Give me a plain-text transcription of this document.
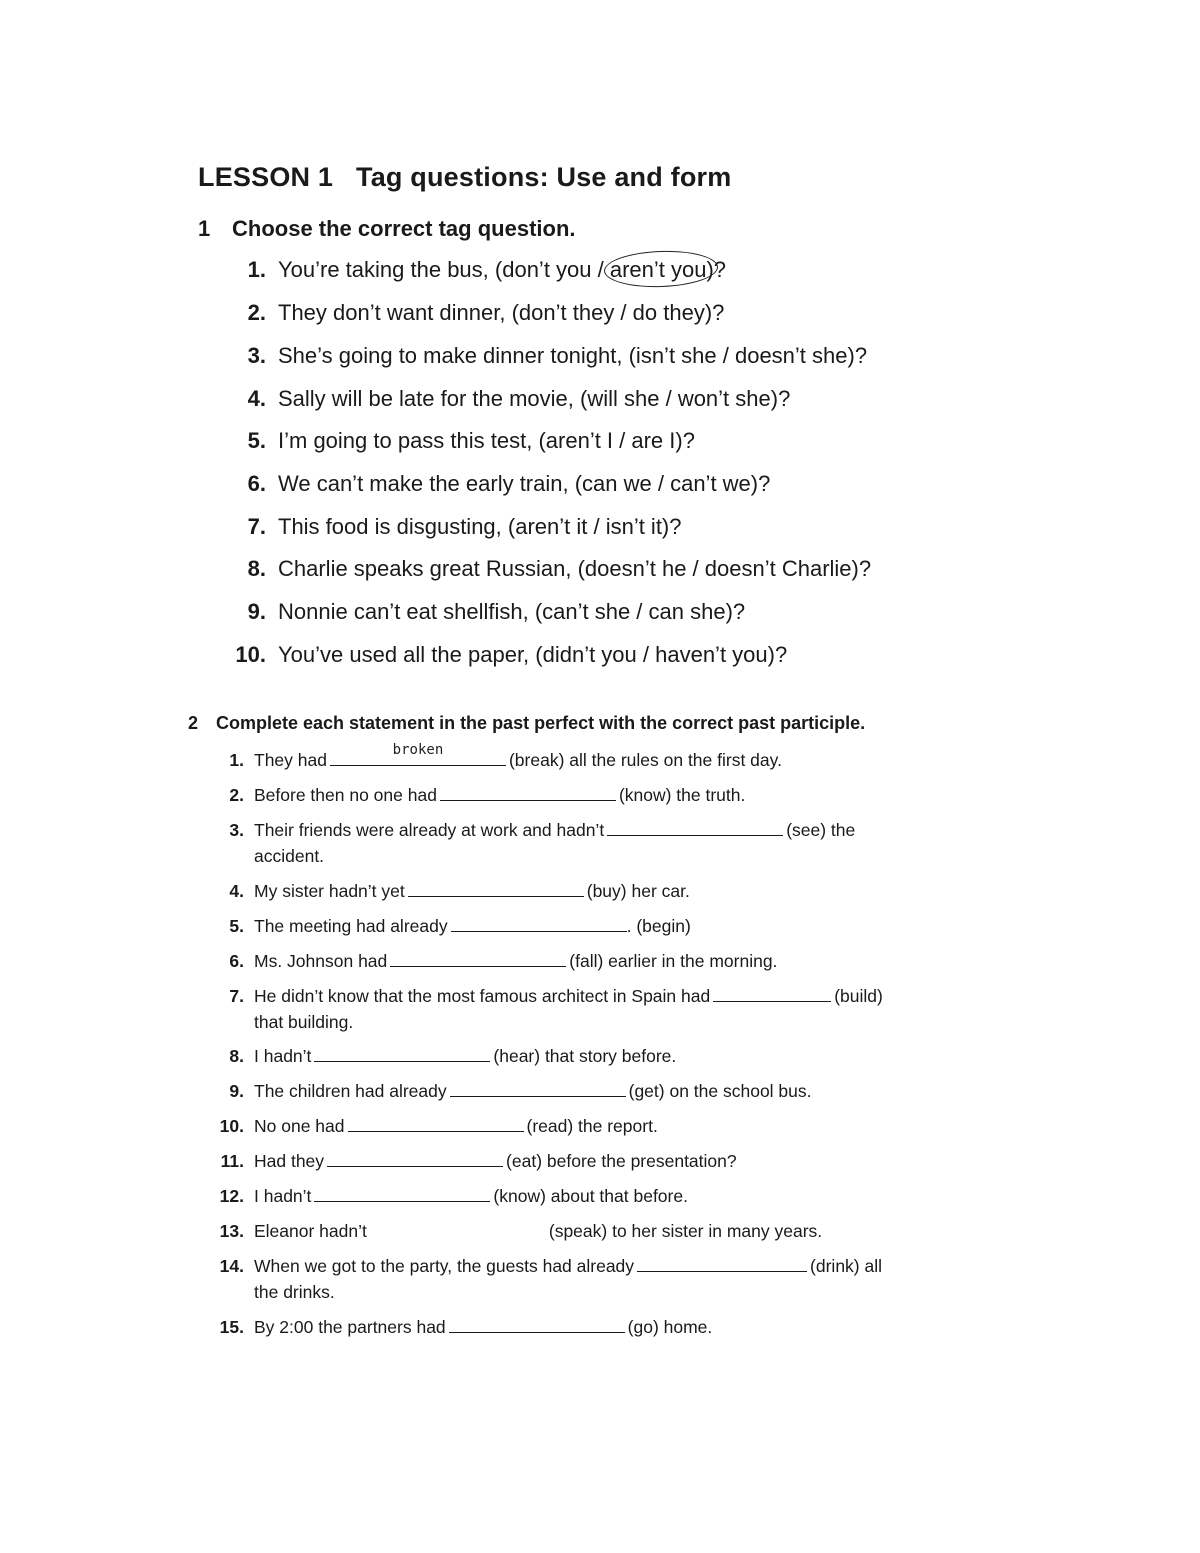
LESSON 1 Tag questions: Use and form
1 Choose the correct tag question.
1. You’re taking the bus, (don’t you / aren’t you
)?
2. They don’t want dinner, (don’t they / do they)?
3. She’s going to make dinner tonight, (isn’t she / doesn’t she)?
4. Sally will be late for the movie, (will she / won’t she)?
5. I’m going to pass this test, (aren’t I / are I)?
6. We can’t make the early train, (can we / can’t we)?
7. This food is disgusting, (aren’t it / isn’t it)?
8. Charlie speaks great Russian, (doesn’t he / doesn’t Charlie)?
9. Nonnie can’t eat shellfish, (can’t she / can she)?
10. You’ve used all the paper, (didn’t you / haven’t you)?
2 Complete each statement in the past perfect with the correct past participle.
1. They had	broken	(break) all the rules on the first day.
2. Before then no one had	(know) the truth.
3. Their friends were already at work and hadn’t	(see) the
accident.
4. My sister hadn’t yet	(buy) her car.
5. The meeting had already	. (begin)
6. Ms. Johnson had	(fall) earlier in the morning.
7. He didn’t know that the most famous architect in Spain had	(build)
that building.
8. I hadn’t	(hear) that story before.
9. The children had already	(get) on the school bus.
10. No one had	(read) the report.
11. Had they	(eat) before the presentation?
12. I hadn’t	(know) about that before.
13. Eleanor hadn’t	(speak) to her sister in many years.
14. When we got to the party, the guests had already	(drink) all
the drinks.
15. By 2:00 the partners had	(go) home.
